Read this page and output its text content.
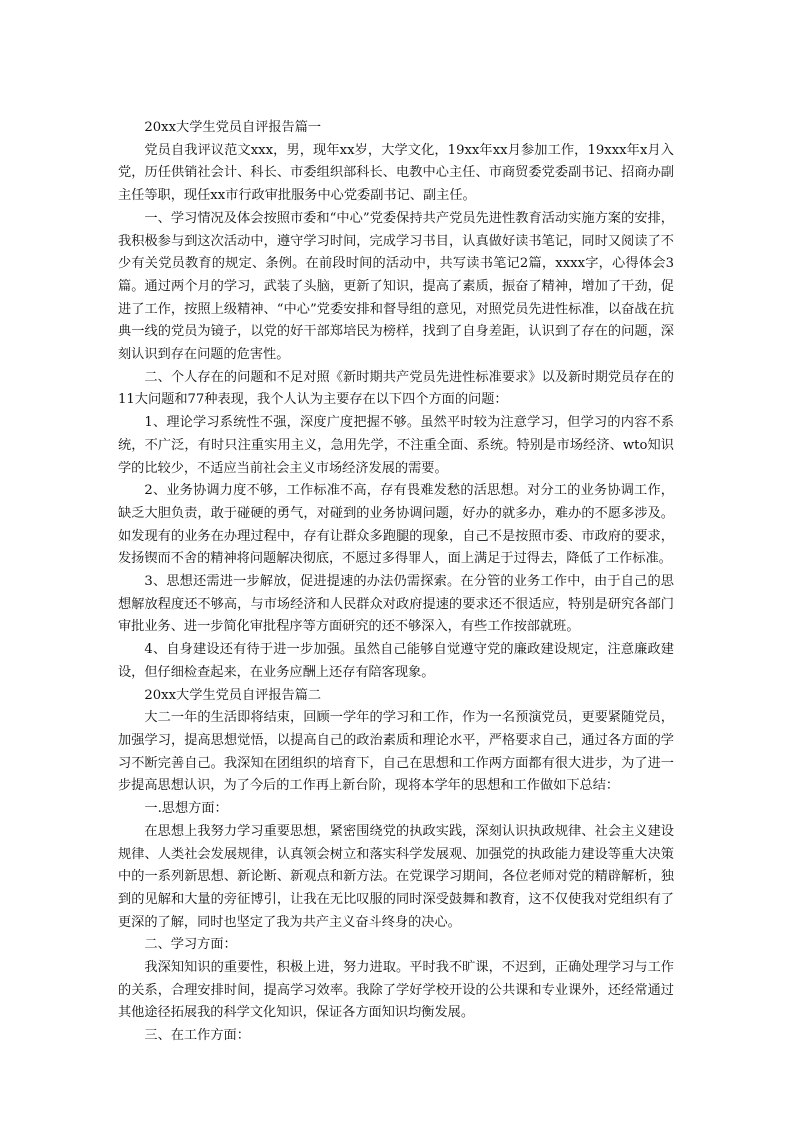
20xx大学生党员自评报告篇一

党员自我评议范文xxx，男，现年xx岁，大学文化，19xx年xx月参加工作，19xxx年x月入党，历任供销社会计、科长、市委组织部科长、电教中心主任、市商贸委党委副书记、招商办副主任等职，现任xx市行政审批服务中心党委副书记、副主任。

一、学习情况及体会按照市委和“中心”党委保持共产党员先进性教育活动实施方案的安排，我积极参与到这次活动中，遵守学习时间，完成学习书目，认真做好读书笔记，同时又阅读了不少有关党员教育的规定、条例。在前段时间的活动中，共写读书笔记2篇，xxxx字，心得体会3篇。通过两个月的学习，武装了头脑，更新了知识，提高了素质，振奋了精神，增加了干劲，促进了工作，按照上级精神、“中心”党委安排和督导组的意见，对照党员先进性标准，以奋战在抗典一线的党员为镜子，以党的好干部郑培民为榜样，找到了自身差距，认识到了存在的问题，深刻认识到存在问题的危害性。

二、个人存在的问题和不足对照《新时期共产党员先进性标准要求》以及新时期党员存在的11大问题和77种表现，我个人认为主要存在以下四个方面的问题：

1、理论学习系统性不强，深度广度把握不够。虽然平时较为注意学习，但学习的内容不系统，不广泛，有时只注重实用主义，急用先学，不注重全面、系统。特别是市场经济、wto知识学的比较少，不适应当前社会主义市场经济发展的需要。

2、业务协调力度不够，工作标准不高，存有畏难发愁的活思想。对分工的业务协调工作，缺乏大胆负责，敢于碰硬的勇气，对碰到的业务协调问题，好办的就多办，难办的不愿多涉及。如发现有的业务在办理过程中，存有让群众多跑腿的现象，自己不是按照市委、市政府的要求，发扬锲而不舍的精神将问题解决彻底，不愿过多得罪人，面上满足于过得去，降低了工作标准。

3、思想还需进一步解放，促进提速的办法仍需探索。在分管的业务工作中，由于自己的思想解放程度还不够高，与市场经济和人民群众对政府提速的要求还不很适应，特别是研究各部门审批业务、进一步简化审批程序等方面研究的还不够深入，有些工作按部就班。

4、自身建设还有待于进一步加强。虽然自己能够自觉遵守党的廉政建设规定，注意廉政建设，但仔细检查起来，在业务应酬上还存有陪客现象。

20xx大学生党员自评报告篇二

大二一年的生活即将结束，回顾一学年的学习和工作，作为一名预演党员，更要紧随党员，加强学习，提高思想觉悟，以提高自己的政治素质和理论水平，严格要求自己，通过各方面的学习不断完善自己。我深知在团组织的培育下，自己在思想和工作两方面都有很大进步，为了进一步提高思想认识，为了今后的工作再上新台阶，现将本学年的思想和工作做如下总结：

一.思想方面：

在思想上我努力学习重要思想，紧密围绕党的执政实践，深刻认识执政规律、社会主义建设规律、人类社会发展规律，认真领会树立和落实科学发展观、加强党的执政能力建设等重大决策中的一系列新思想、新论断、新观点和新方法。在党课学习期间，各位老师对党的精辟解析，独到的见解和大量的旁征博引，让我在无比叹服的同时深受鼓舞和教育，这不仅使我对党组织有了更深的了解，同时也坚定了我为共产主义奋斗终身的决心。

二、学习方面：

我深知知识的重要性，积极上进，努力进取。平时我不旷课，不迟到，正确处理学习与工作的关系，合理安排时间，提高学习效率。我除了学好学校开设的公共课和专业课外，还经常通过其他途径拓展我的科学文化知识，保证各方面知识均衡发展。

三、在工作方面：
